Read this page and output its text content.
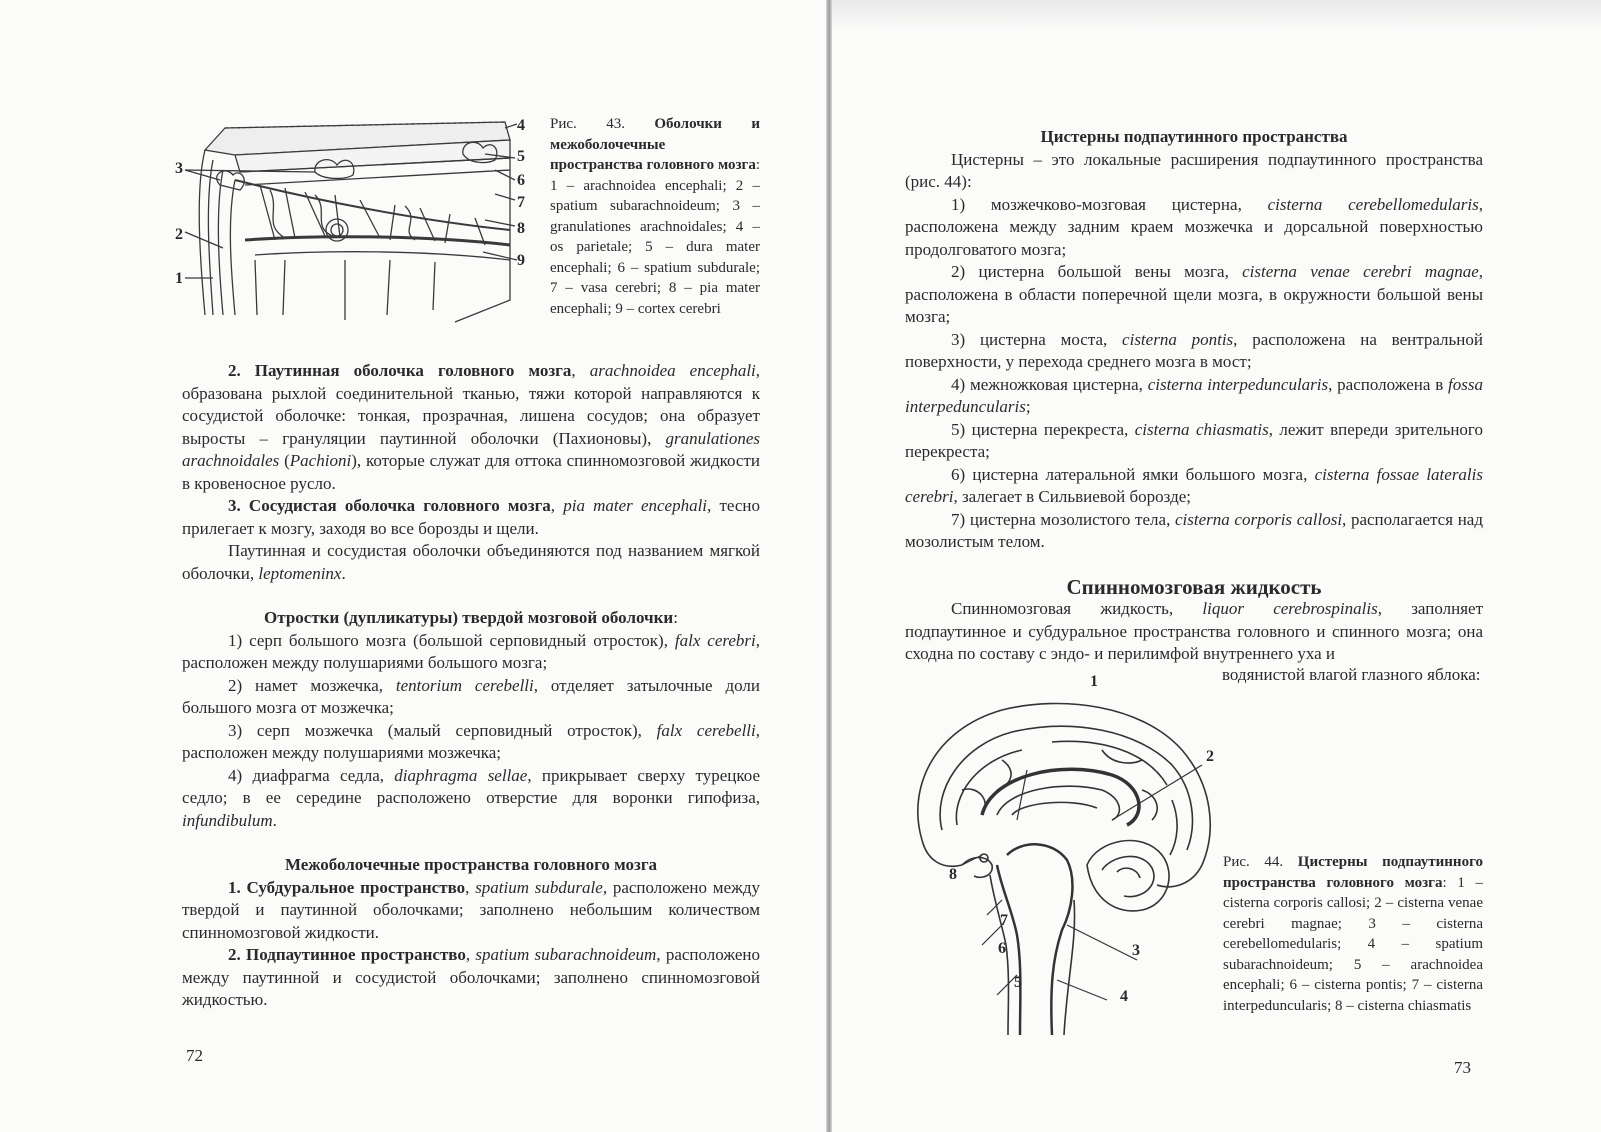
4
5
6
7
8
9
3
2
1
Рис. 43. Оболочки и межоболочечные пространства головного мозга: 1 – arachnoidea encephali; 2 – spatium subarachnoideum; 3 – granulationes arachnoidales; 4 – os parietale; 5 – dura mater encephali; 6 – spatium subdurale; 7 – vasa cerebri; 8 – pia mater encephali; 9 – cortex cerebri

2. Паутинная оболочка головного мозга, arachnoidea encephali, образована рыхлой соединительной тканью, тяжи которой направляются к сосудистой оболочке: тонкая, прозрачная, лишена сосудов; она образует выросты – грануляции паутинной оболочки (Пахионовы), granulationes arachnoidales (Pachioni), которые служат для оттока спинномозговой жидкости в кровеносное русло.

3. Сосудистая оболочка головного мозга, pia mater encephali, тесно прилегает к мозгу, заходя во все борозды и щели.

Паутинная и сосудистая оболочки объединяются под названием мягкой оболочки, leptomeninx.

Отростки (дупликатуры) твердой мозговой оболочки:

1) серп большого мозга (большой серповидный отросток), falx cerebri, расположен между полушариями большого мозга;

2) намет мозжечка, tentorium cerebelli, отделяет затылочные доли большого мозга от мозжечка;

3) серп мозжечка (малый серповидный отросток), falx cerebelli, расположен между полушариями мозжечка;

4) диафрагма седла, diaphragma sellae, прикрывает сверху турецкое седло; в ее середине расположено отверстие для воронки гипофиза, infundibulum.

Межоболочечные пространства головного мозга

1. Субдуральное пространство, spatium subdurale, расположено между твердой и паутинной оболочками; заполнено небольшим количеством спинномозговой жидкости.

2. Подпаутинное пространство, spatium subarachnoideum, расположено между паутинной и сосудистой оболочками; заполнено спинномозговой жидкостью.

72
Цистерны подпаутинного пространства

Цистерны – это локальные расширения подпаутинного пространства (рис. 44):

1) мозжечково-мозговая цистерна, cisterna cerebellomedularis, расположена между задним краем мозжечка и дорсальной поверхностью продолговатого мозга;

2) цистерна большой вены мозга, cisterna venae cerebri magnae, расположена в области поперечной щели мозга, в окружности большой вены мозга;

3) цистерна моста, cisterna pontis, расположена на вентральной поверхности, у перехода среднего мозга в мост;

4) межножковая цистерна, cisterna interpeduncularis, расположена в fossa interpeduncularis;

5) цистерна перекреста, cisterna chiasmatis, лежит впереди зрительного перекреста;

6) цистерна латеральной ямки большого мозга, cisterna fossae lateralis cerebri, залегает в Сильвиевой борозде;

7) цистерна мозолистого тела, cisterna corporis callosi, располагается над мозолистым телом.

Спинномозговая жидкость

Спинномозговая жидкость, liquor cerebrospinalis, заполняет подпаутинное и субдуральное пространства головного и спинного мозга; она сходна по составу с эндо- и перилимфой внутреннего уха и

водянистой влагой глазного яблока:

1
2
3
4
5
6
7
8
Рис. 44. Цистерны подпаутинного пространства головного мозга: 1 – cisterna corporis callosi; 2 – cisterna venae cerebri magnae; 3 – cisterna cerebellomedularis; 4 – spatium subarachnoideum; 5 – arachnoidea encephali; 6 – cisterna pontis; 7 – cisterna interpeduncularis; 8 – cisterna chiasmatis
73
